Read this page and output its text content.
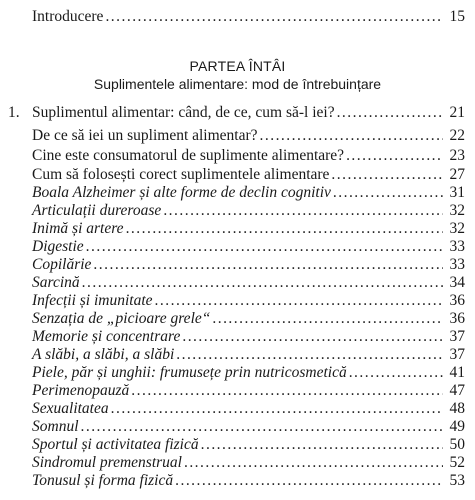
Introducere . . .	15
PARTEA ÎNTÂI
Suplimentele alimentare: mod de întrebuințare
1. Suplimentul alimentar: când, de ce, cum să-l iei? . . .	21
De ce să iei un supliment alimentar? . . .	22
Cine este consumatorul de suplimente alimentare? . . .	23
Cum să folosești corect suplimentele alimentare . . .	27
Boala Alzheimer și alte forme de declin cognitiv . . .	31
Articulații dureroase . . .	32
Inimă și artere . . .	32
Digestie . . .	33
Copilărie . . .	33
Sarcină . . .	34
Infecții și imunitate . . .	36
Senzația de „picioare grele“ . . .	36
Memorie și concentrare . . .	37
A slăbi, a slăbi, a slăbi . . .	37
Piele, păr și unghii: frumusețe prin nutricosmetică . . .	41
Perimenopauză . . .	47
Sexualitatea . . .	48
Somnul . . .	49
Sportul și activitatea fizică . . .	50
Sindromul premenstrual . . .	52
Tonusul și forma fizică . . .	53
